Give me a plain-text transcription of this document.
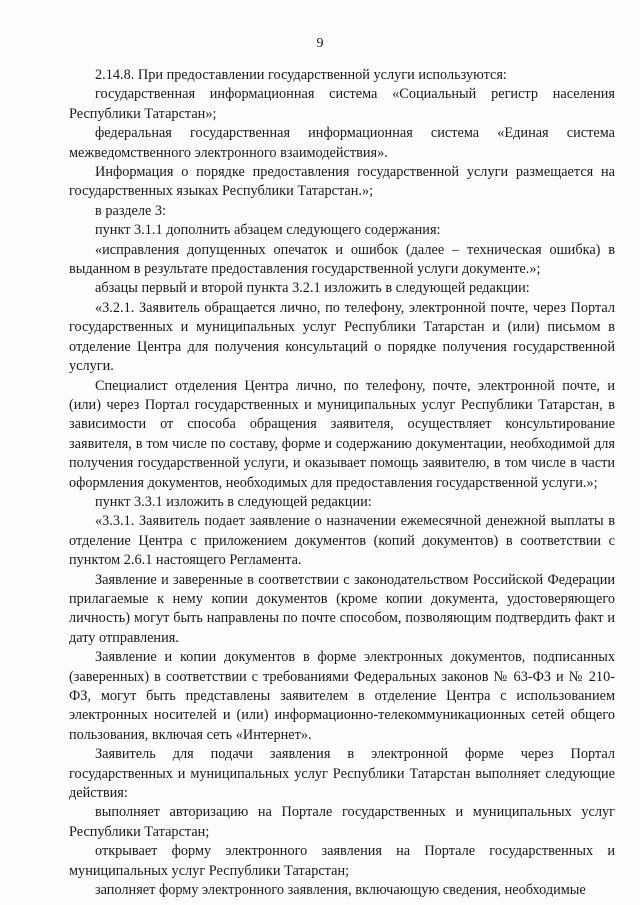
9

2.14.8. При предоставлении государственной услуги используются:

государственная информационная система «Социальный регистр населения Республики Татарстан»;

федеральная государственная информационная система «Единая система межведомственного электронного взаимодействия».

Информация о порядке предоставления государственной услуги размещается на государственных языках Республики Татарстан.»;

в разделе 3:

пункт 3.1.1 дополнить абзацем следующего содержания:

«исправления допущенных опечаток и ошибок (далее – техническая ошибка) в выданном в результате предоставления государственной услуги документе.»;

абзацы первый и второй пункта 3.2.1 изложить в следующей редакции:

«3.2.1. Заявитель обращается лично, по телефону, электронной почте, через Портал государственных и муниципальных услуг Республики Татарстан и (или) письмом в отделение Центра для получения консультаций о порядке получения государственной услуги.

Специалист отделения Центра лично, по телефону, почте, электронной почте, и (или) через Портал государственных и муниципальных услуг Республики Татарстан, в зависимости от способа обращения заявителя, осуществляет консультирование заявителя, в том числе по составу, форме и содержанию документации, необходимой для получения государственной услуги, и оказывает помощь заявителю, в том числе в части оформления документов, необходимых для предоставления государственной услуги.»;

пункт 3.3.1 изложить в следующей редакции:

«3.3.1. Заявитель подает заявление о назначении ежемесячной денежной выплаты в отделение Центра с приложением документов (копий документов) в соответствии с пунктом 2.6.1 настоящего Регламента.

Заявление и заверенные в соответствии с законодательством Российской Федерации прилагаемые к нему копии документов (кроме копии документа, удостоверяющего личность) могут быть направлены по почте способом, позволяющим подтвердить факт и дату отправления.

Заявление и копии документов в форме электронных документов, подписанных (заверенных) в соответствии с требованиями Федеральных законов № 63-ФЗ и № 210-ФЗ, могут быть представлены заявителем в отделение Центра с использованием электронных носителей и (или) информационно-телекоммуникационных сетей общего пользования, включая сеть «Интернет».

Заявитель для подачи заявления в электронной форме через Портал государственных и муниципальных услуг Республики Татарстан выполняет следующие действия:

выполняет авторизацию на Портале государственных и муниципальных услуг Республики Татарстан;

открывает форму электронного заявления на Портале государственных и муниципальных услуг Республики Татарстан;

заполняет форму электронного заявления, включающую сведения, необходимые
